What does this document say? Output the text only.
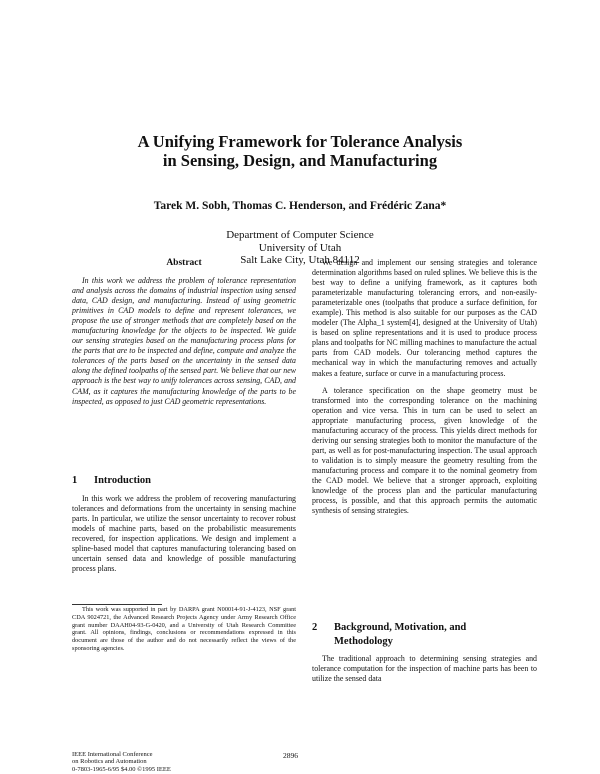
A Unifying Framework for Tolerance Analysis
in Sensing, Design, and Manufacturing
Tarek M. Sobh, Thomas C. Henderson, and Frédéric Zana*
Department of Computer Science
University of Utah
Salt Lake City, Utah 84112
Abstract

In this work we address the problem of tolerance representation and analysis across the domains of industrial inspection using sensed data, CAD design, and manufacturing. Instead of using geometric primitives in CAD models to define and represent tolerances, we propose the use of stronger methods that are completely based on the manufacturing knowledge for the objects to be inspected. We guide our sensing strategies based on the manufacturing process plans for the parts that are to be inspected and define, compute and analyze the tolerances of the parts based on the uncertainty in the sensed data along the defined toolpaths of the sensed part. We believe that our new approach is the best way to unify tolerances across sensing, CAD, and CAM, as it captures the manufacturing knowledge of the parts to be inspected, as opposed to just CAD geometric representations.

1 Introduction

In this work we address the problem of recovering manufacturing tolerances and deformations from the uncertainty in sensing machine parts. In particular, we utilize the sensor uncertainty to recover robust models of machine parts, based on the probabilistic measurements recovered, for inspection applications. We design and implement a spline-based model that captures manufacturing tolerancing based on uncertain sensed data and knowledge of possible manufacturing process plans.

This work was supported in part by DARPA grant N00014-91-J-4123, NSF grant CDA 9024721, the Advanced Research Projects Agency under Army Research Office grant number DAAH04-93-G-0420, and a University of Utah Research Committee grant. All opinions, findings, conclusions or recommendations expressed in this document are those of the author and do not necessarily reflect the views of the sponsoring agencies.

IEEE International Conference
on Robotics and Automation
0-7803-1965-6/95 $4.00 ©1995 IEEE
2896

We design and implement our sensing strategies and tolerance determination algorithms based on ruled splines. We believe this is the best way to define a unifying framework, as it captures both parameterizable manufacturing tolerancing errors, and non-easily-parameterizable ones (toolpaths that produce a surface definition, for example). This method is also suitable for our purposes as the CAD modeler (The Alpha_1 system[4], designed at the University of Utah) is based on spline representations and it is used to produce process plans and toolpaths for NC milling machines to manufacture the actual parts from CAD models. Our tolerancing method captures the mechanical way in which the manufacturing removes and actually makes a feature, surface or curve in a manufacturing process.

A tolerance specification on the shape geometry must be transformed into the corresponding tolerance on the machining operation and vice versa. This in turn can be used to select an appropriate manufacturing process, given knowledge of the manufacturing accuracy of the process. This yields direct methods for deriving our sensing strategies both to monitor the manufacture of the part, as well as for post-manufacturing inspection. The usual approach to validation is to simply measure the geometry resulting from the manufacturing process and compare it to the nominal geometry from the CAD model. We believe that a stronger approach, exploiting knowledge of the process plan and the particular manufacturing process, is possible, and that this approach permits the automatic synthesis of sensing strategies.

2 Background, Motivation, and
Methodology

The traditional approach to determining sensing strategies and tolerance computation for the inspection of machine parts has been to utilize the sensed data
